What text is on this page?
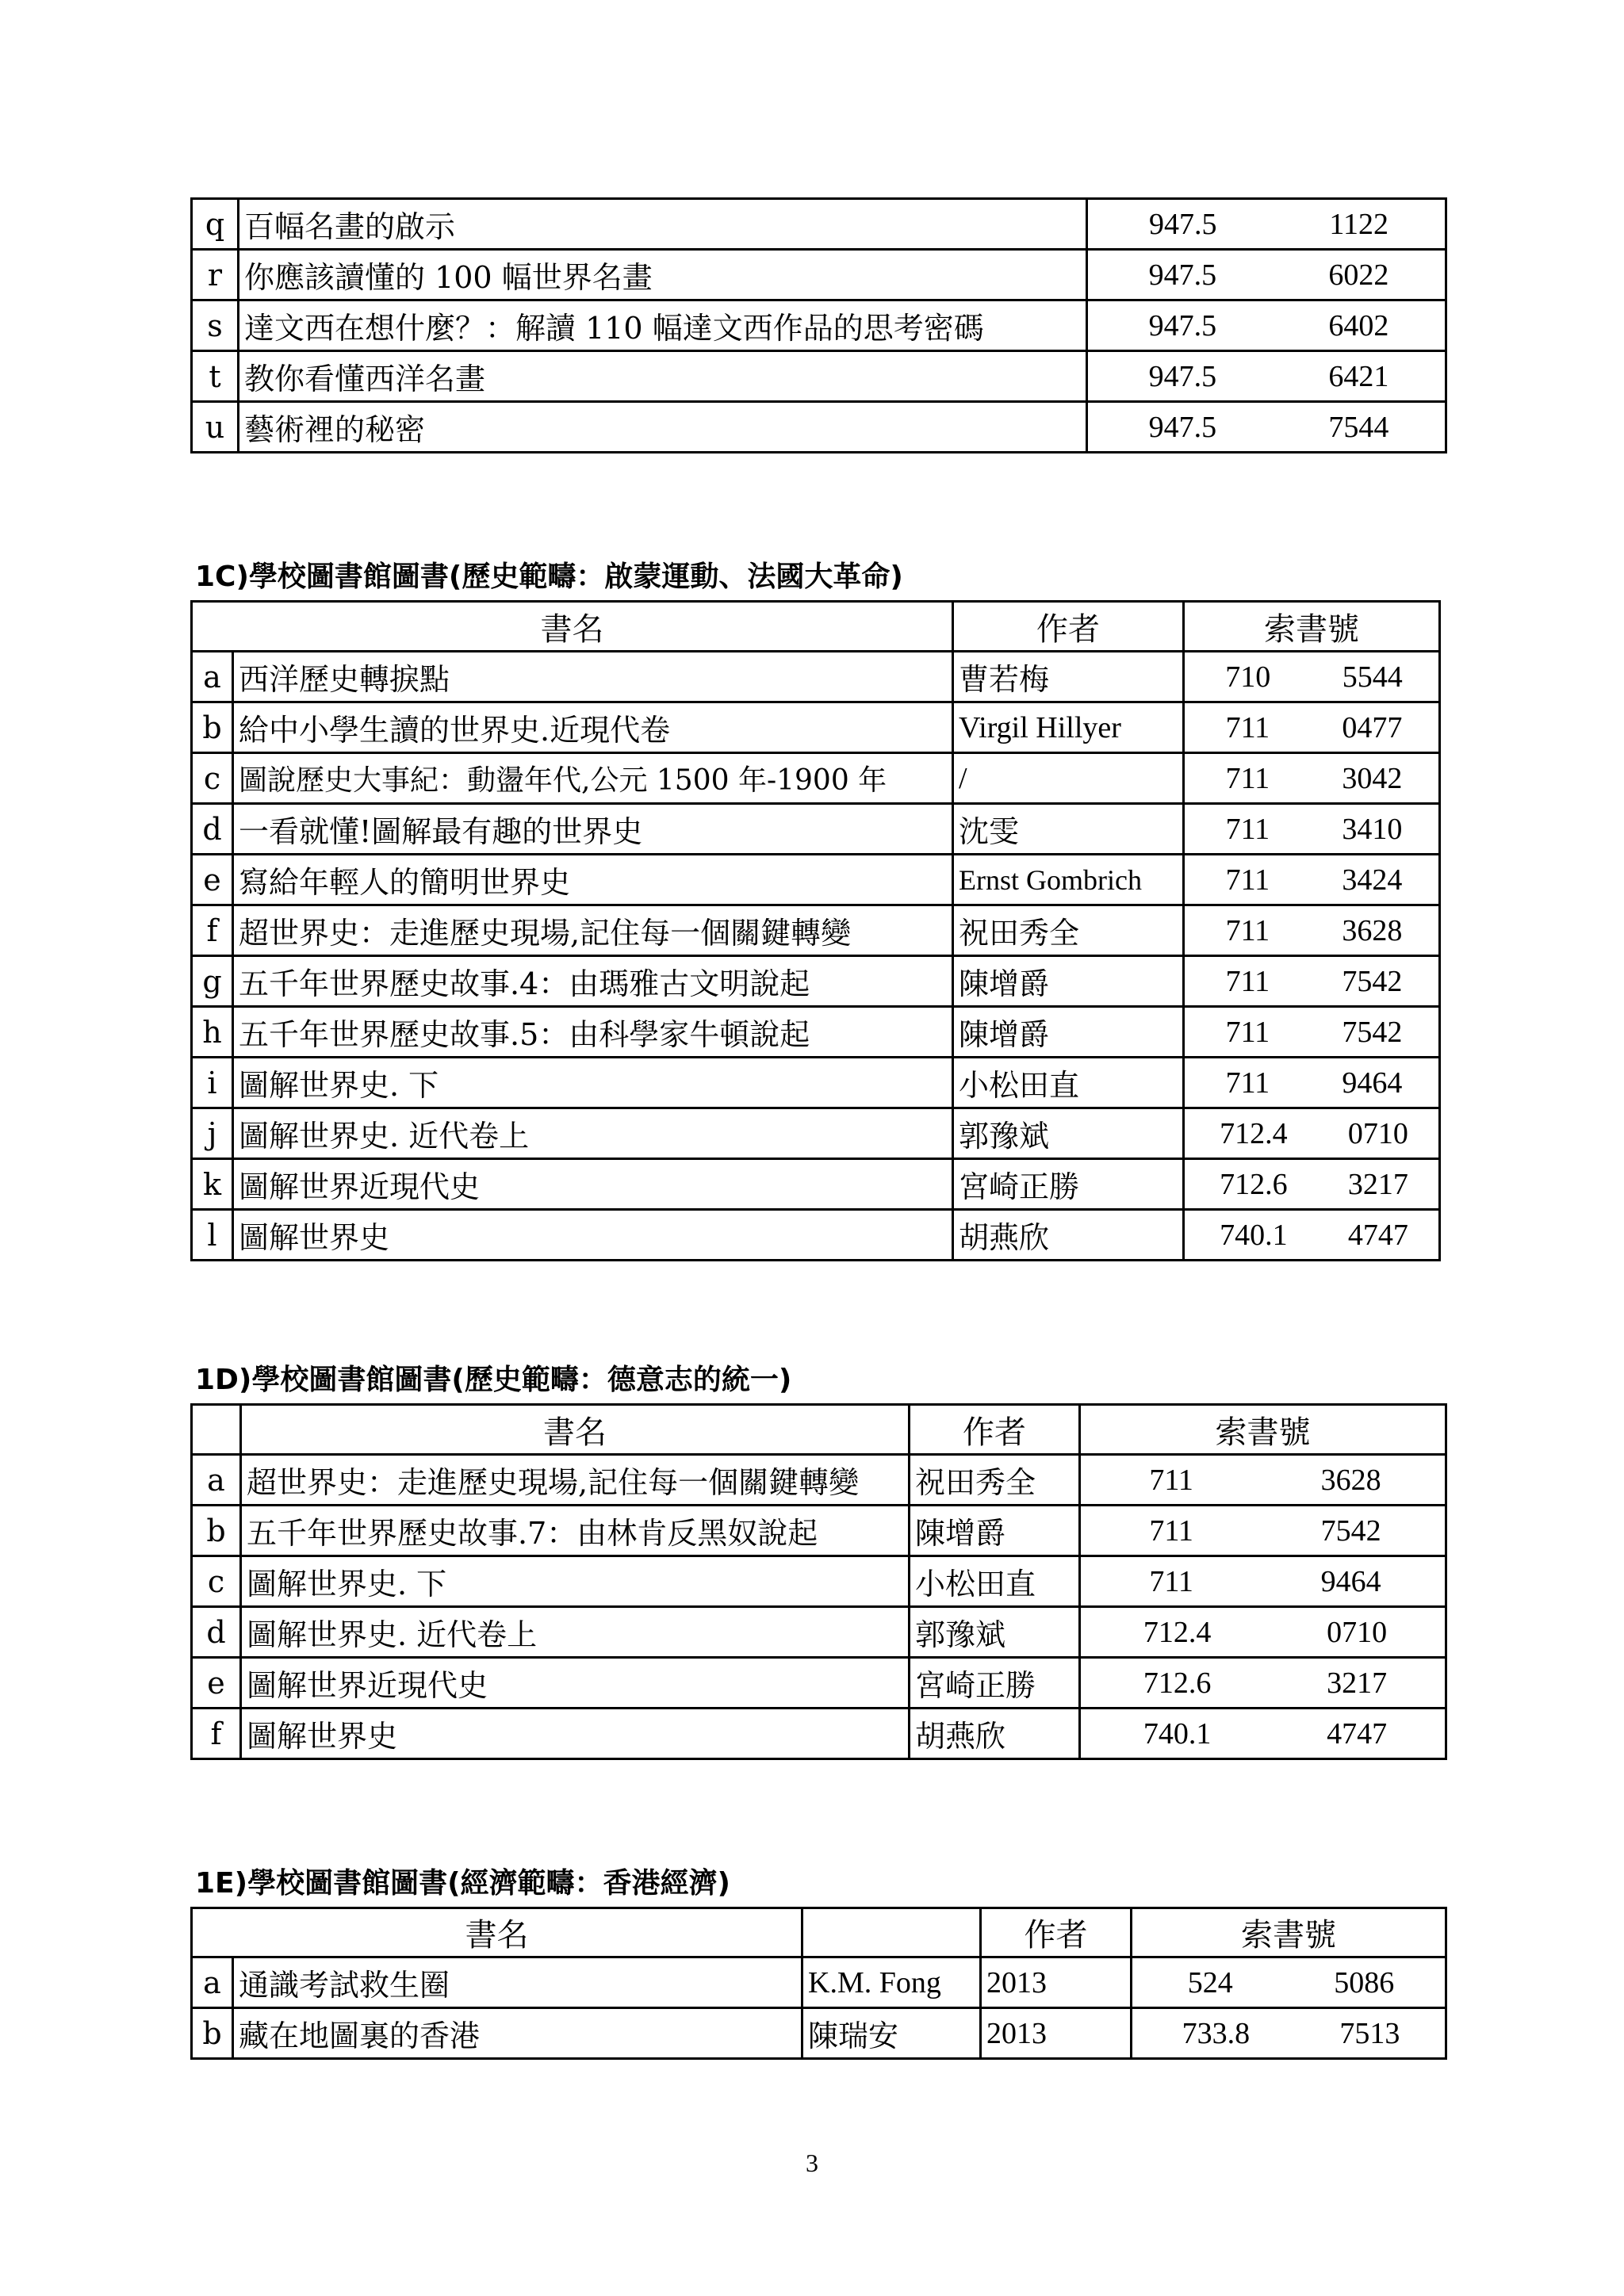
q	百幅名畫的啟示	947.5 1122

r	你應該讀懂的 100 幅世界名畫	947.5 6022

s	達文西在想什麼？：解讀 110 幅達文西作品的思考密碼	947.5 6402

t	教你看懂西洋名畫	947.5 6421

u	藝術裡的秘密	947.5 7544
1C)學校圖書館圖書(歷史範疇：啟蒙運動、法國大革命)
書名		作者	索書號
a	西洋歷史轉捩點	曹若梅	710 5544

b	給中小學生讀的世界史.近現代卷	Virgil Hillyer	711 0477

c	圖說歷史大事紀：動盪年代,公元 1500 年-1900 年	/	711 3042

d	一看就懂!圖解最有趣的世界史	沈雯	711 3410

e	寫給年輕人的簡明世界史	Ernst Gombrich	711 3424

f	超世界史：走進歷史現場,記住每一個關鍵轉變	祝田秀全	711 3628

g	五千年世界歷史故事.4：由瑪雅古文明說起	陳增爵	711 7542

h	五千年世界歷史故事.5：由科學家牛頓說起	陳增爵	711 7542

i	圖解世界史. 下	小松田直	711 9464

j	圖解世界史. 近代卷上	郭豫斌	712.4 0710

k	圖解世界近現代史	宮崎正勝	712.6 3217

l	圖解世界史	胡燕欣	740.1 4747
1D)學校圖書館圖書(歷史範疇：德意志的統一)
	書名	作者	索書號
a	超世界史：走進歷史現場,記住每一個關鍵轉變	祝田秀全	711 3628

b	五千年世界歷史故事.7：由林肯反黑奴說起	陳增爵	711 7542

c	圖解世界史. 下	小松田直	711 9464

d	圖解世界史. 近代卷上	郭豫斌	712.4 0710

e	圖解世界近現代史	宮崎正勝	712.6 3217

f	圖解世界史	胡燕欣	740.1 4747
1E)學校圖書館圖書(經濟範疇：香港經濟)
書名			作者	索書號
a	通識考試救生圈	K.M. Fong	2013	524 5086

b	藏在地圖裏的香港	陳瑞安	2013	733.8 7513
3
